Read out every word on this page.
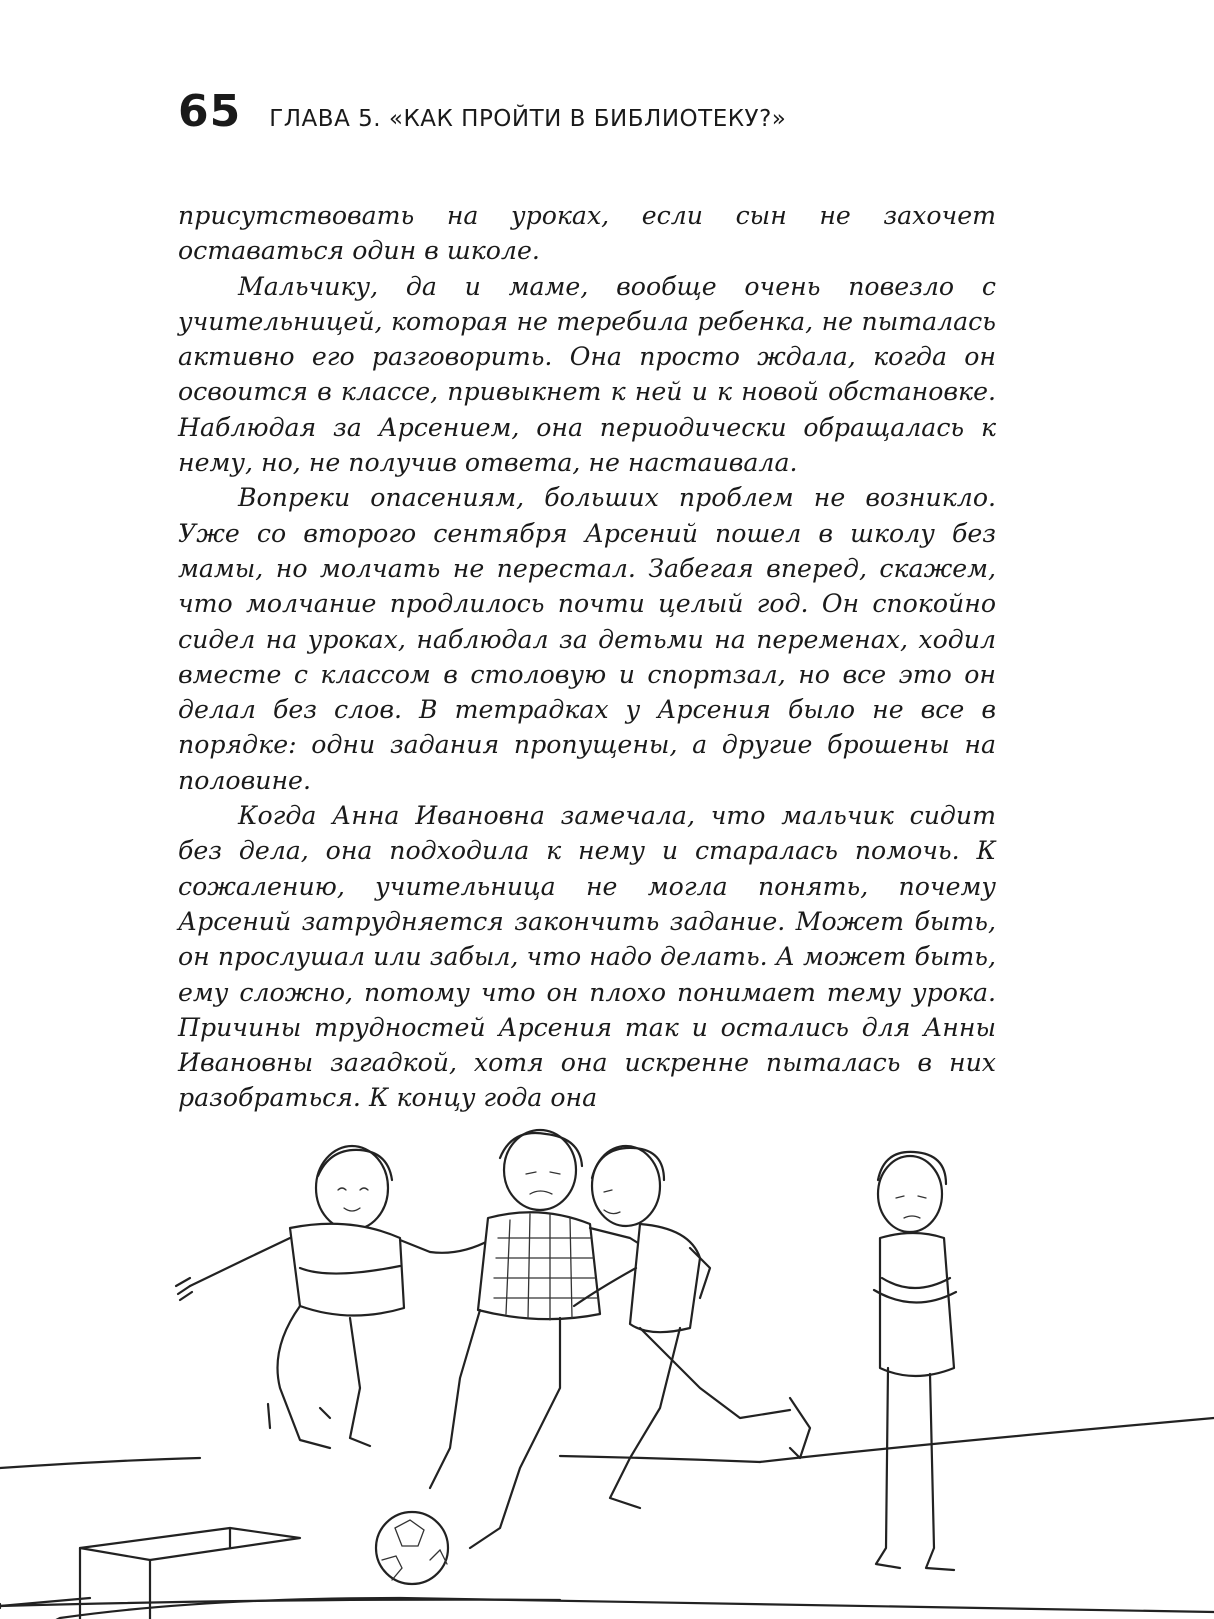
65 ГЛАВА 5. «КАК ПРОЙТИ В БИБЛИОТЕКУ?»

присутствовать на уроках, если сын не захочет оставаться один в школе.

Мальчику, да и маме, вообще очень повезло с учительницей, которая не теребила ребенка, не пыталась активно его разговорить. Она просто ждала, когда он освоится в классе, привыкнет к ней и к новой обстановке. Наблюдая за Арсением, она периодически обращалась к нему, но, не получив ответа, не настаивала.

Вопреки опасениям, больших проблем не возникло. Уже со второго сентября Арсений пошел в школу без мамы, но молчать не перестал. Забегая вперед, скажем, что молчание продлилось почти целый год. Он спокойно сидел на уроках, наблюдал за детьми на переменах, ходил вместе с классом в столовую и спортзал, но все это он делал без слов. В тетрадках у Арсения было не все в порядке: одни задания пропущены, а другие брошены на половине.

Когда Анна Ивановна замечала, что мальчик сидит без дела, она подходила к нему и старалась помочь. К сожалению, учительница не могла понять, почему Арсений затрудняется закончить задание. Может быть, он прослушал или забыл, что надо делать. А может быть, ему сложно, потому что он плохо понимает тему урока. Причины трудностей Арсения так и остались для Анны Ивановны загадкой, хотя она искренне пыталась в них разобраться. К концу года она
